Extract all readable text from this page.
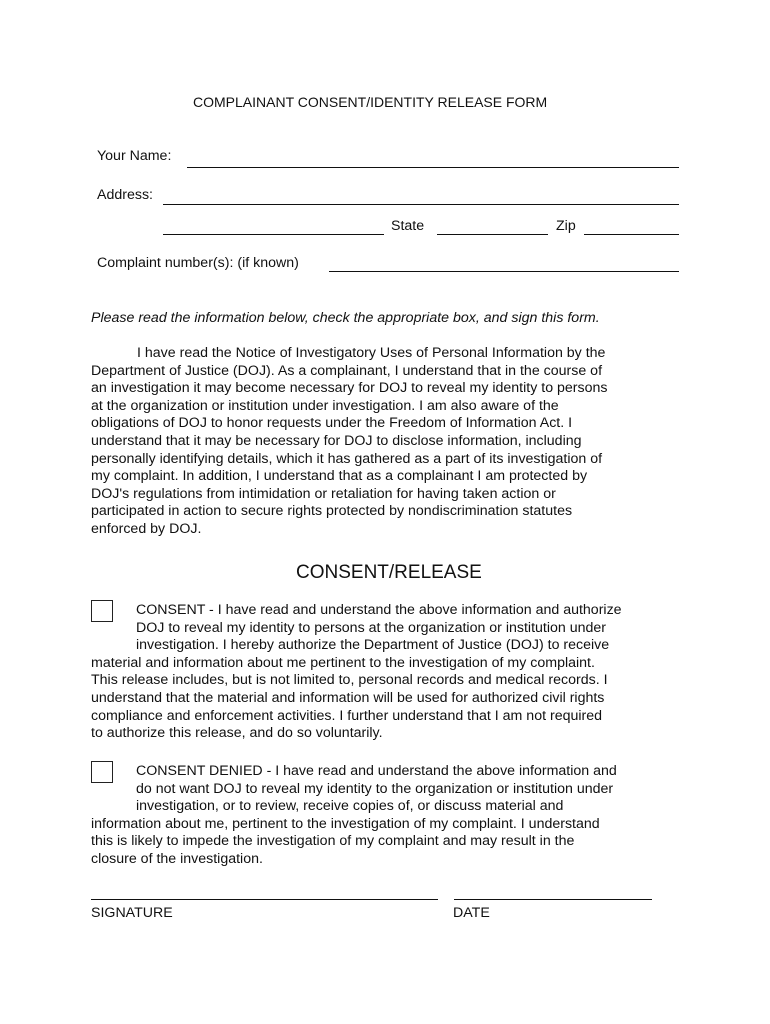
COMPLAINANT CONSENT/IDENTITY RELEASE FORM
Your Name:
Address:
State	Zip
Complaint number(s): (if known)
Please read the information below, check the appropriate box, and sign this form.
I have read the Notice of Investigatory Uses of Personal Information by the
Department of Justice (DOJ). As a complainant, I understand that in the course of
an investigation it may become necessary for DOJ to reveal my identity to persons
at the organization or institution under investigation. I am also aware of the
obligations of DOJ to honor requests under the Freedom of Information Act. I
understand that it may be necessary for DOJ to disclose information, including
personally identifying details, which it has gathered as a part of its investigation of
my complaint. In addition, I understand that as a complainant I am protected by
DOJ's regulations from intimidation or retaliation for having taken action or
participated in action to secure rights protected by nondiscrimination statutes
enforced by DOJ.
CONSENT/RELEASE
CONSENT - I have read and understand the above information and authorize
DOJ to reveal my identity to persons at the organization or institution under
investigation. I hereby authorize the Department of Justice (DOJ) to receive
material and information about me pertinent to the investigation of my complaint.
This release includes, but is not limited to, personal records and medical records. I
understand that the material and information will be used for authorized civil rights
compliance and enforcement activities. I further understand that I am not required
to authorize this release, and do so voluntarily.
CONSENT DENIED - I have read and understand the above information and
do not want DOJ to reveal my identity to the organization or institution under
investigation, or to review, receive copies of, or discuss material and
information about me, pertinent to the investigation of my complaint. I understand
this is likely to impede the investigation of my complaint and may result in the
closure of the investigation.
SIGNATURE	DATE
